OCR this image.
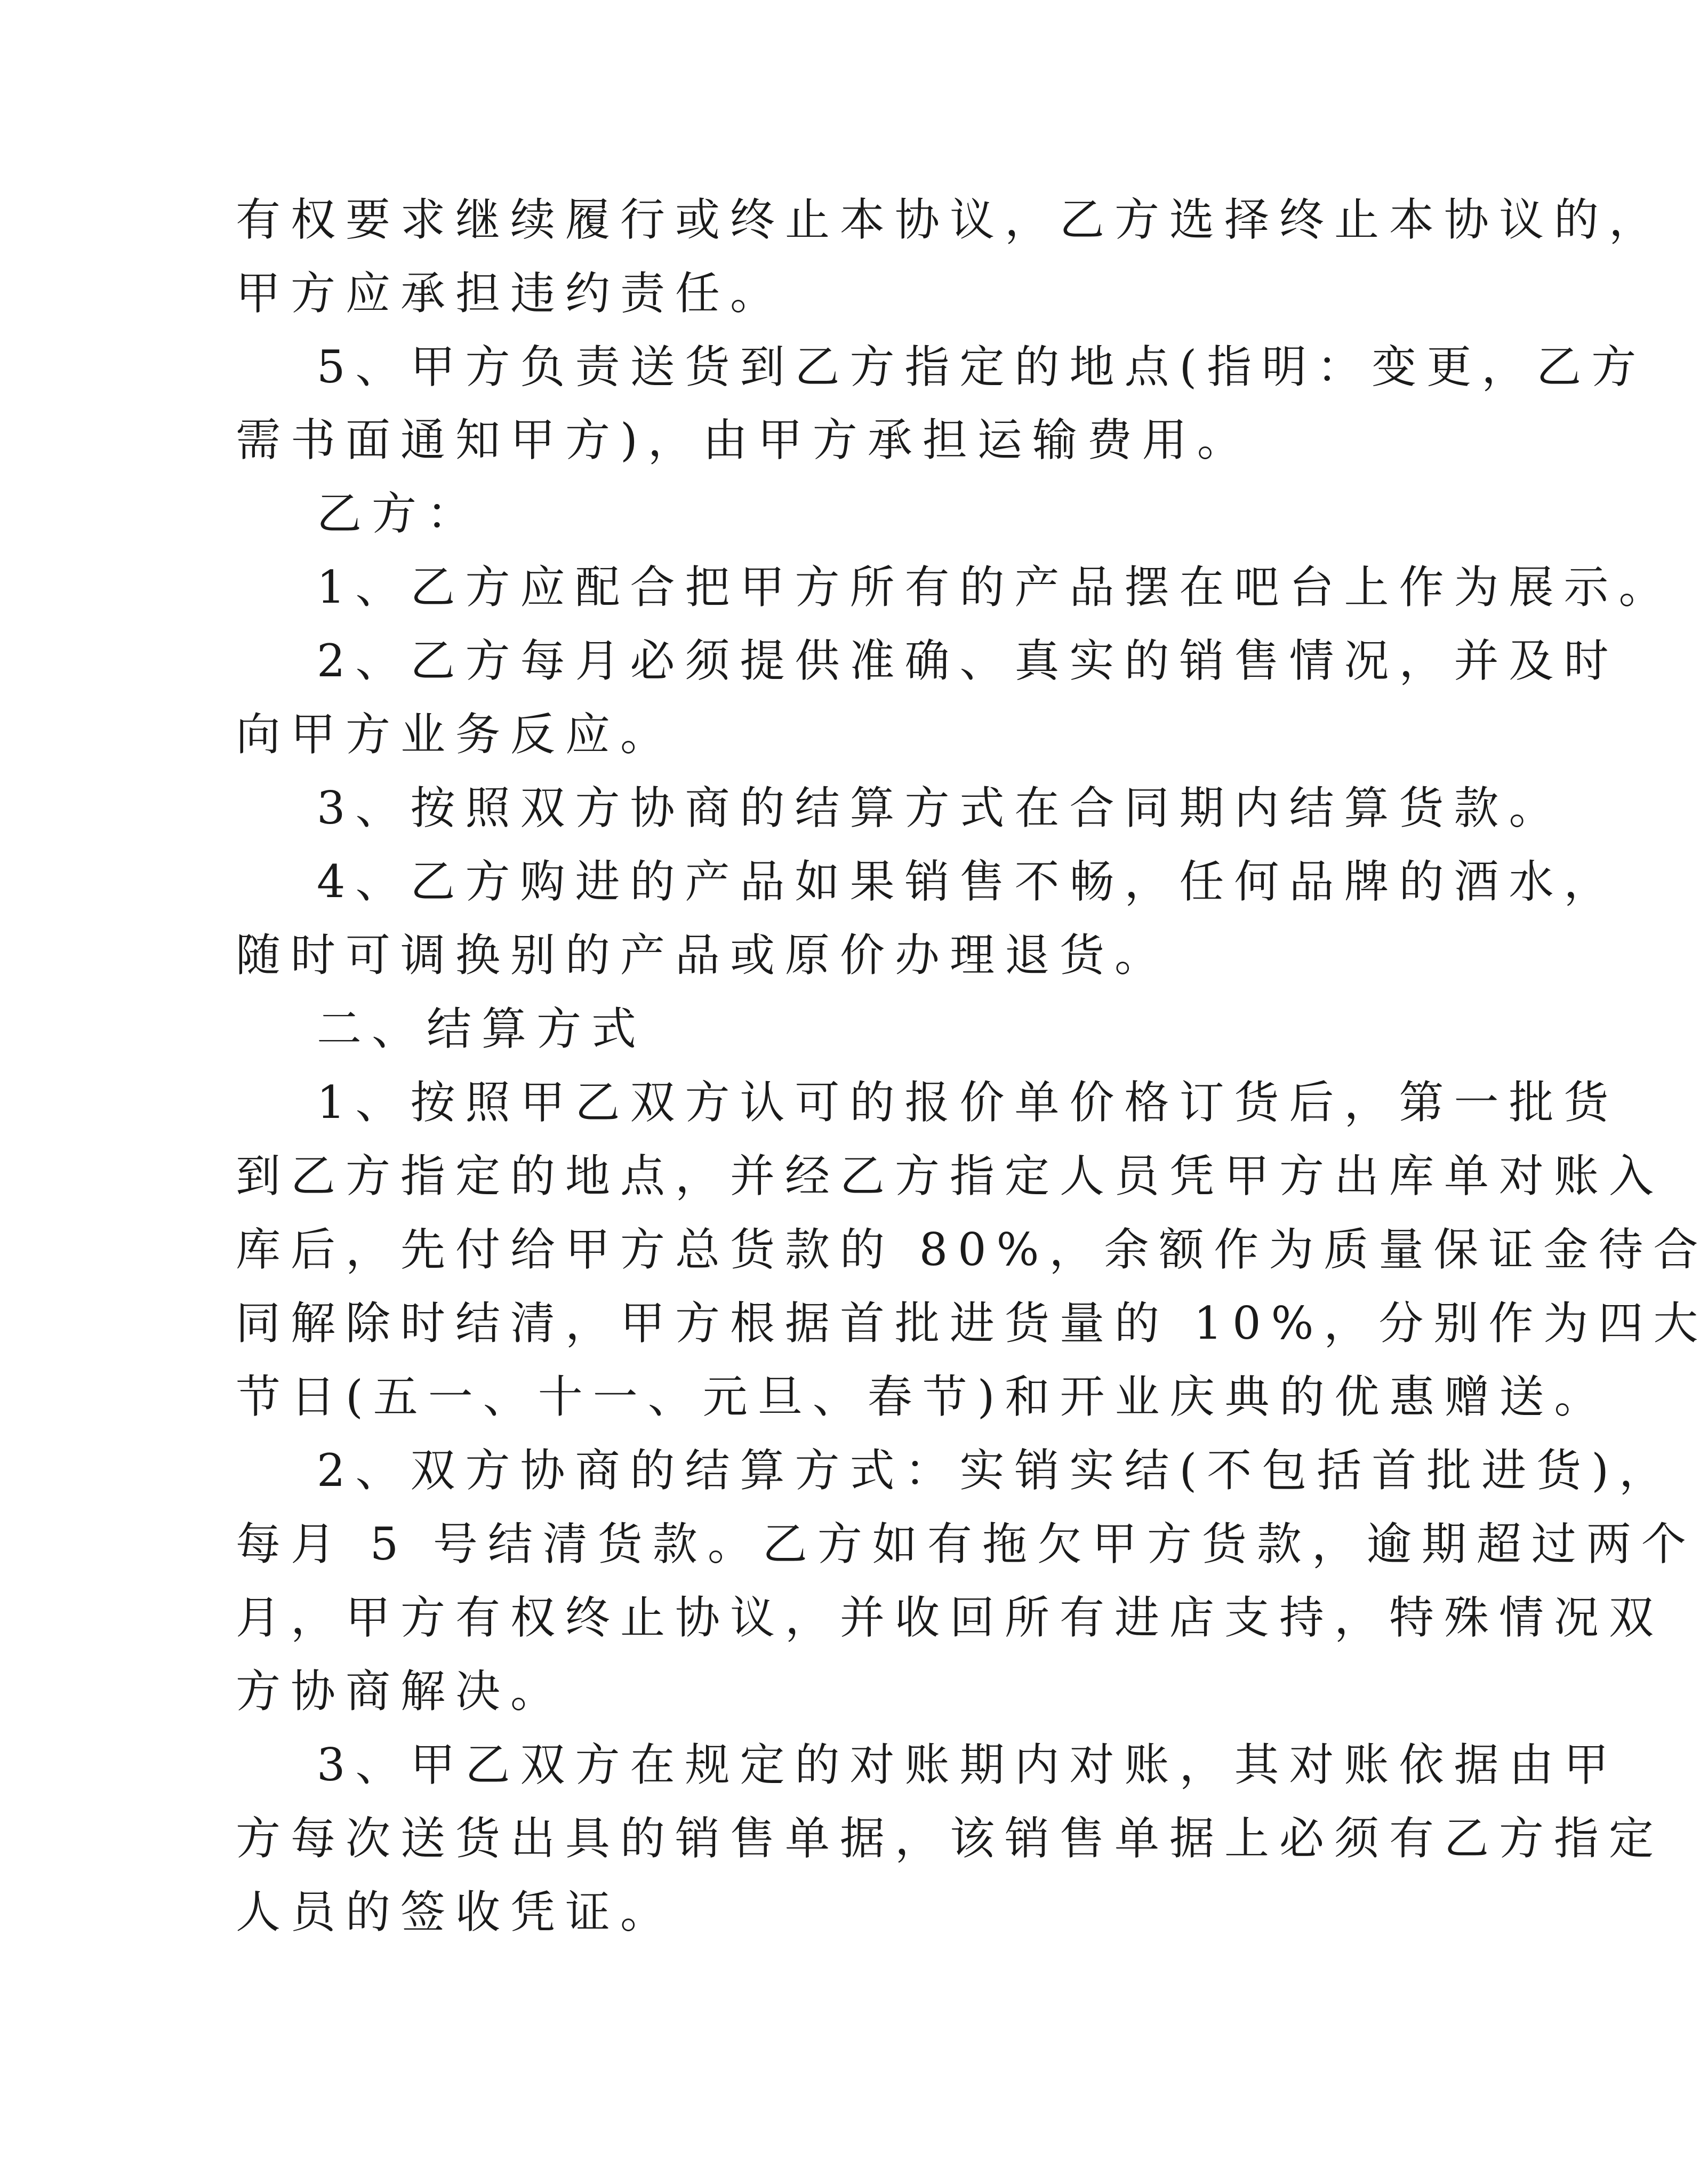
有权要求继续履行或终止本协议，乙方选择终止本协议的，
甲方应承担违约责任。
5、甲方负责送货到乙方指定的地点(指明：变更，乙方
需书面通知甲方)，由甲方承担运输费用。
乙方：
1、乙方应配合把甲方所有的产品摆在吧台上作为展示。
2、乙方每月必须提供准确、真实的销售情况，并及时
向甲方业务反应。
3、按照双方协商的结算方式在合同期内结算货款。
4、乙方购进的产品如果销售不畅，任何品牌的酒水，
随时可调换别的产品或原价办理退货。
二、结算方式
1、按照甲乙双方认可的报价单价格订货后，第一批货
到乙方指定的地点，并经乙方指定人员凭甲方出库单对账入
库后，先付给甲方总货款的 80%，余额作为质量保证金待合
同解除时结清，甲方根据首批进货量的 10%，分别作为四大
节日(五一、十一、元旦、春节)和开业庆典的优惠赠送。
2、双方协商的结算方式：实销实结(不包括首批进货)，
每月 5 号结清货款。乙方如有拖欠甲方货款，逾期超过两个
月，甲方有权终止协议，并收回所有进店支持，特殊情况双
方协商解决。
3、甲乙双方在规定的对账期内对账，其对账依据由甲
方每次送货出具的销售单据，该销售单据上必须有乙方指定
人员的签收凭证。
